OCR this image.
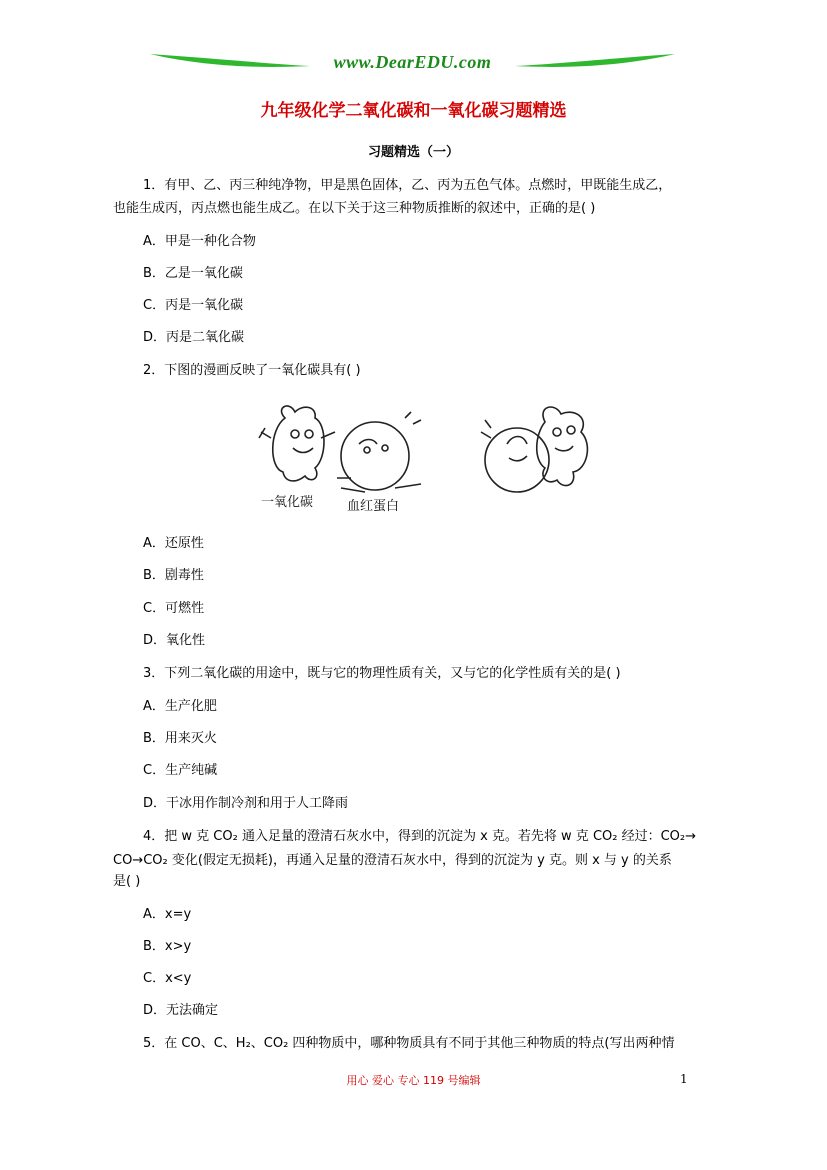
www.DearEDU.com
九年级化学二氧化碳和一氧化碳习题精选
习题精选（一）
1．有甲、乙、丙三种纯净物，甲是黑色固体，乙、丙为五色气体。点燃时，甲既能生成乙，
也能生成丙，丙点燃也能生成乙。在以下关于这三种物质推断的叙述中，正确的是( )
A．甲是一种化合物
B．乙是一氧化碳
C．丙是一氧化碳
D．丙是二氧化碳
2．下图的漫画反映了一氧化碳具有( )
一氧化碳	血红蛋白
A．还原性
B．剧毒性
C．可燃性
D．氧化性
3．下列二氧化碳的用途中，既与它的物理性质有关，又与它的化学性质有关的是( )
A．生产化肥
B．用来灭火
C．生产纯碱
D．干冰用作制冷剂和用于人工降雨
4．把 w 克 CO₂ 通入足量的澄清石灰水中，得到的沉淀为 x 克。若先将 w 克 CO₂ 经过：CO₂→
CO→CO₂ 变化(假定无损耗)，再通入足量的澄清石灰水中，得到的沉淀为 y 克。则 x 与 y 的关系
是( )
A．x=y
B．x>y
C．x<y
D．无法确定
5．在 CO、C、H₂、CO₂ 四种物质中，哪种物质具有不同于其他三种物质的特点(写出两种情
用心 爱心 专心 119 号编辑	1
